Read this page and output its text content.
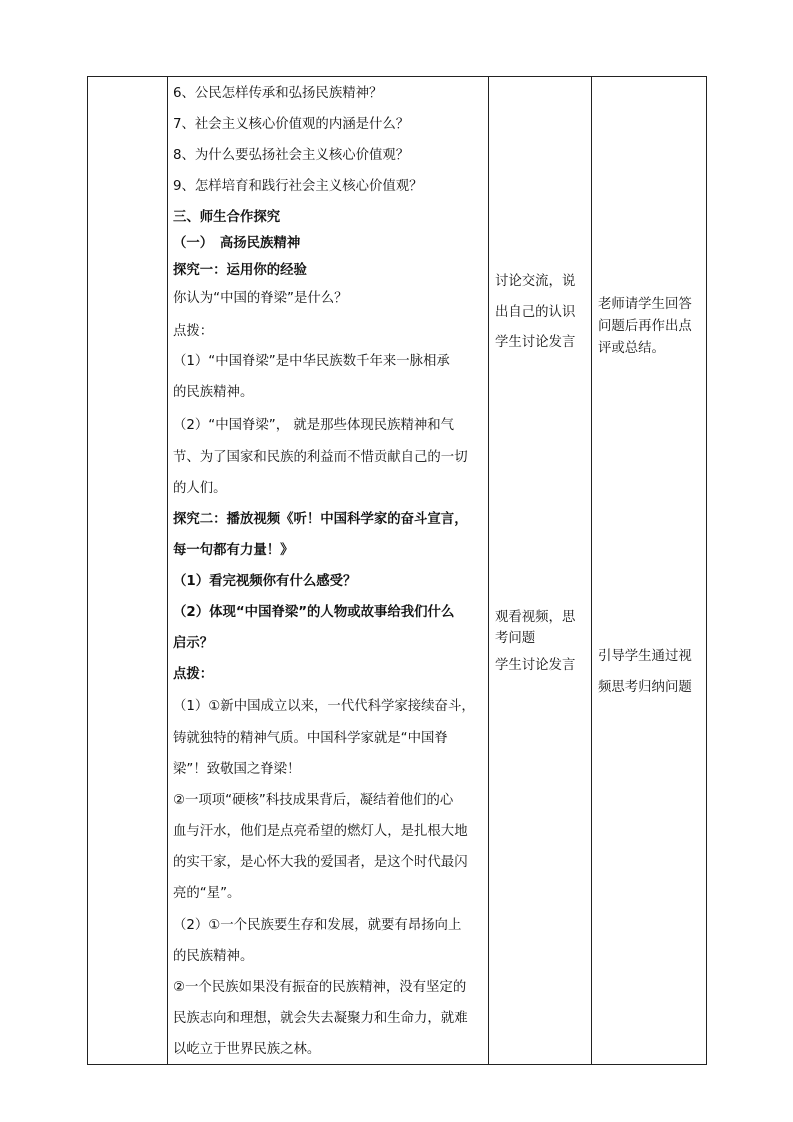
6、公民怎样传承和弘扬民族精神？
7、社会主义核心价值观的内涵是什么？
8、为什么要弘扬社会主义核心价值观？
9、怎样培育和践行社会主义核心价值观？
三、师生合作探究
（一）　高扬民族精神
探究一：运用你的经验
你认为“中国的脊梁”是什么？
点拨：
（1）“中国脊梁”是中华民族数千年来一脉相承
的民族精神。
（2）“中国脊梁”， 就是那些体现民族精神和气
节、为了国家和民族的利益而不惜贡献自己的一切
的人们。
探究二：播放视频《听！中国科学家的奋斗宣言，
每一句都有力量！》
（1）看完视频你有什么感受？
（2）体现“中国脊梁”的人物或故事给我们什么
启示？
点拨：
（1）①新中国成立以来，一代代科学家接续奋斗，
铸就独特的精神气质。中国科学家就是“中国脊
梁”！致敬国之脊梁！
②一项项“硬核”科技成果背后，凝结着他们的心
血与汗水，他们是点亮希望的燃灯人，是扎根大地
的实干家，是心怀大我的爱国者，是这个时代最闪
亮的“星”。
（2）①一个民族要生存和发展，就要有昂扬向上
的民族精神。
②一个民族如果没有振奋的民族精神，没有坚定的
民族志向和理想，就会失去凝聚力和生命力，就难
以屹立于世界民族之林。
讨论交流，说
出自己的认识
学生讨论发言
观看视频，思
考问题
学生讨论发言
老师请学生回答
问题后再作出点
评或总结。
引导学生通过视
频思考归纳问题
